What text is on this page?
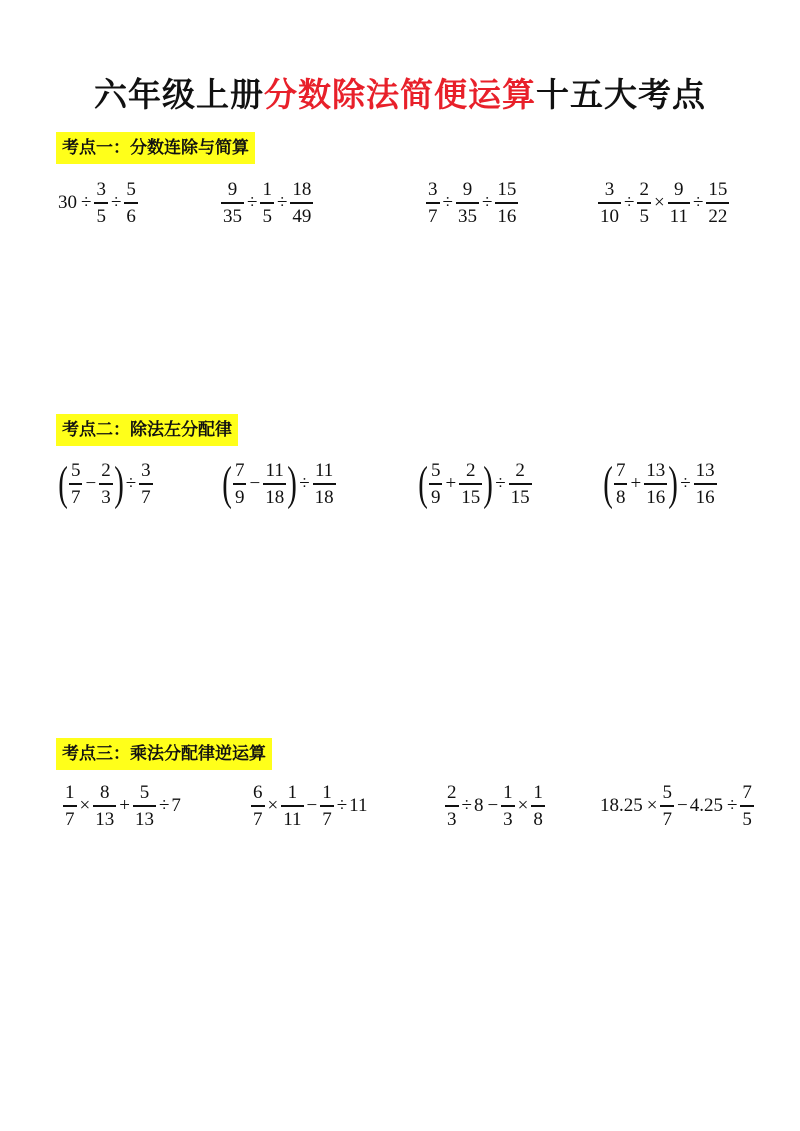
六年级上册分数除法简便运算十五大考点
考点一：分数连除与简算
$30 \div \frac{3}{5} \div \frac{5}{6}$	$\frac{9}{35} \div \frac{1}{5} \div \frac{18}{49}$	$\frac{3}{7} \div \frac{9}{35} \div \frac{15}{16}$	$\frac{3}{10} \div \frac{2}{5} \times \frac{9}{11} \div \frac{15}{22}$
考点二：除法左分配律
( $\frac{5}{7} - \frac{2}{3}$ ) ÷ $\frac{3}{7}$ ( $\frac{7}{9} - \frac{11}{18}$ ) ÷ $\frac{11}{18}$ ( $\frac{5}{9} + \frac{2}{15}$ ) ÷ $\frac{2}{15}$ ( $\frac{7}{8} + \frac{13}{16}$ ) ÷ $\frac{13}{16}$
考点三：乘法分配律逆运算
$\frac{1}{7} \times \frac{8}{13} + \frac{5}{13} \div 7$	$\frac{6}{7} \times \frac{1}{11} - \frac{1}{7} \div 11$	$\frac{2}{3} \div 8 - \frac{1}{3} \times \frac{1}{8}$	$18.25 \times \frac{5}{7} - 4.25 \div \frac{7}{5}$
